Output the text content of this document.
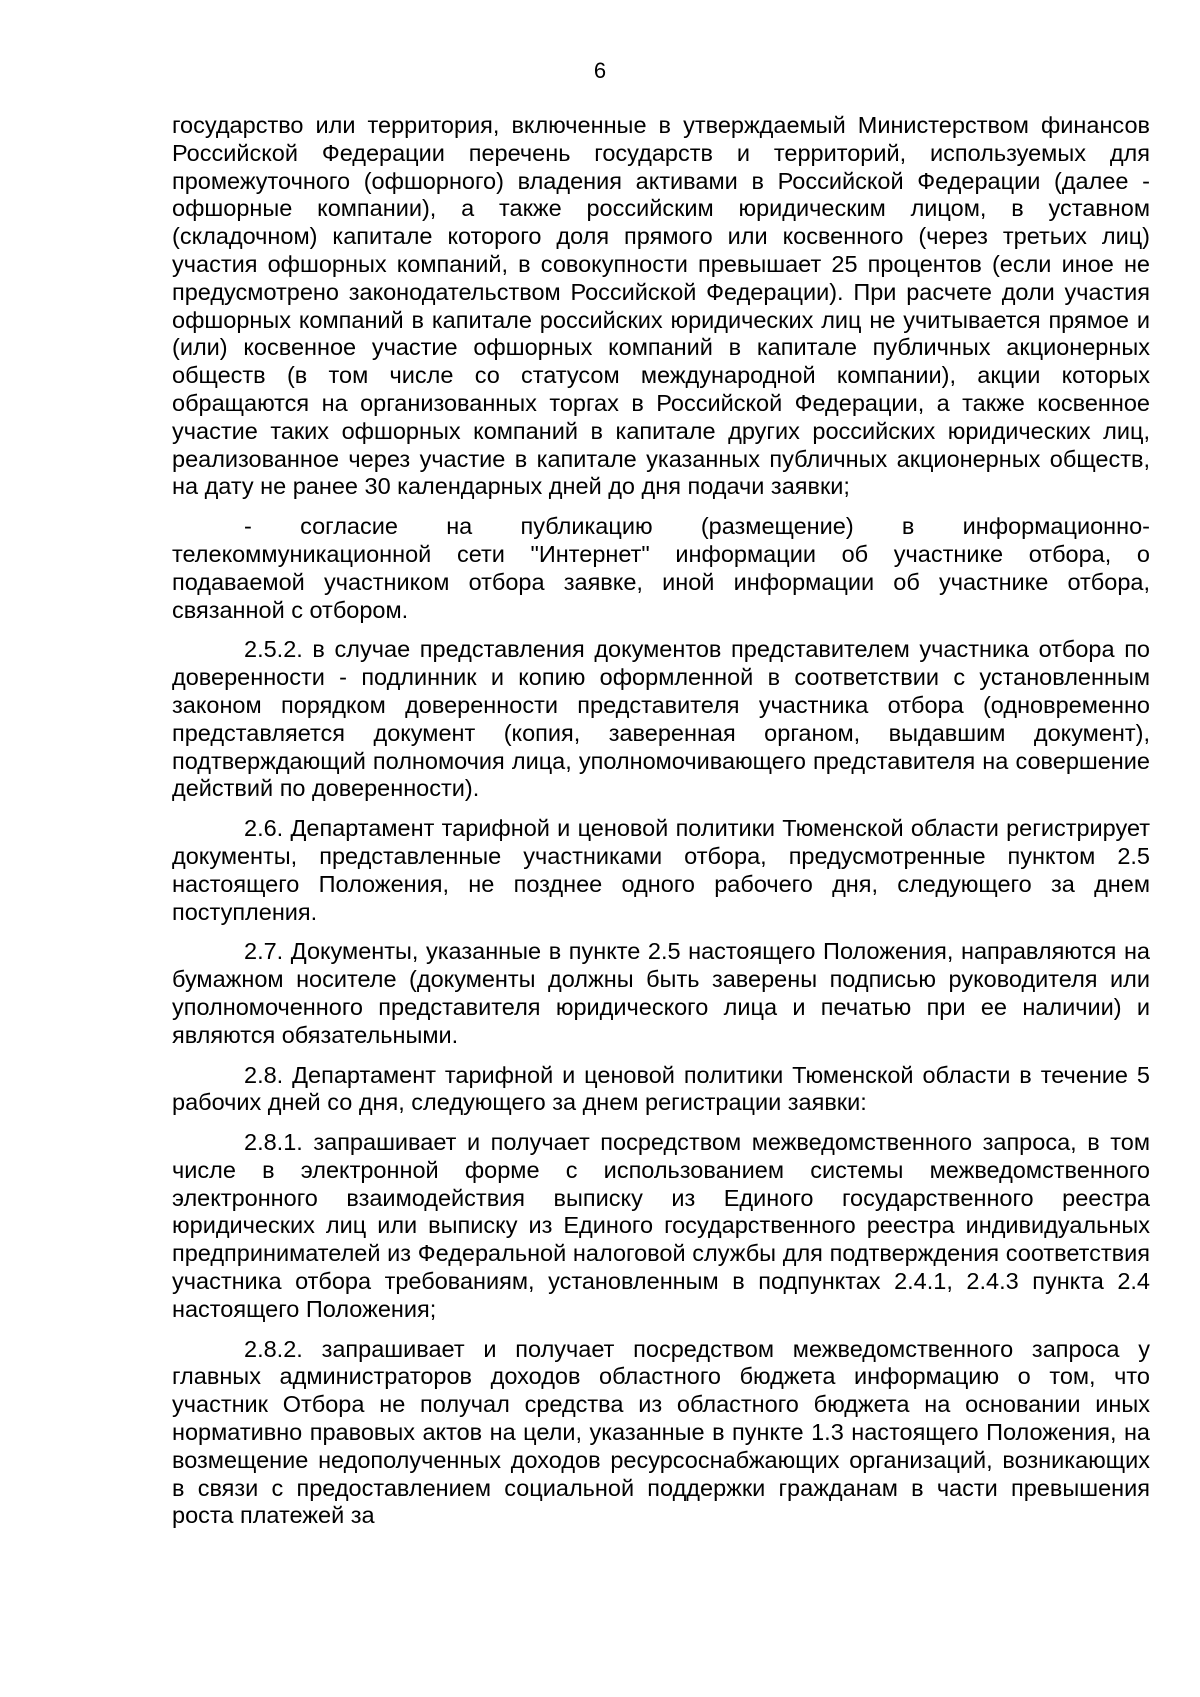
6

государство или территория, включенные в утверждаемый Министерством финансов Российской Федерации перечень государств и территорий, используемых для промежуточного (офшорного) владения активами в Российской Федерации (далее - офшорные компании), а также российским юридическим лицом, в уставном (складочном) капитале которого доля прямого или косвенного (через третьих лиц) участия офшорных компаний, в совокупности превышает 25 процентов (если иное не предусмотрено законодательством Российской Федерации). При расчете доли участия офшорных компаний в капитале российских юридических лиц не учитывается прямое и (или) косвенное участие офшорных компаний в капитале публичных акционерных обществ (в том числе со статусом международной компании), акции которых обращаются на организованных торгах в Российской Федерации, а также косвенное участие таких офшорных компаний в капитале других российских юридических лиц, реализованное через участие в капитале указанных публичных акционерных обществ, на дату не ранее 30 календарных дней до дня подачи заявки;

- согласие на публикацию (размещение) в информационно-телекоммуникационной сети "Интернет" информации об участнике отбора, о подаваемой участником отбора заявке, иной информации об участнике отбора, связанной с отбором.

2.5.2. в случае представления документов представителем участника отбора по доверенности - подлинник и копию оформленной в соответствии с установленным законом порядком доверенности представителя участника отбора (одновременно представляется документ (копия, заверенная органом, выдавшим документ), подтверждающий полномочия лица, уполномочивающего представителя на совершение действий по доверенности).

2.6. Департамент тарифной и ценовой политики Тюменской области регистрирует документы, представленные участниками отбора, предусмотренные пунктом 2.5 настоящего Положения, не позднее одного рабочего дня, следующего за днем поступления.

2.7. Документы, указанные в пункте 2.5 настоящего Положения, направляются на бумажном носителе (документы должны быть заверены подписью руководителя или уполномоченного представителя юридического лица и печатью при ее наличии) и являются обязательными.

2.8. Департамент тарифной и ценовой политики Тюменской области в течение 5 рабочих дней со дня, следующего за днем регистрации заявки:

2.8.1. запрашивает и получает посредством межведомственного запроса, в том числе в электронной форме с использованием системы межведомственного электронного взаимодействия выписку из Единого государственного реестра юридических лиц или выписку из Единого государственного реестра индивидуальных предпринимателей из Федеральной налоговой службы для подтверждения соответствия участника отбора требованиям, установленным в подпунктах 2.4.1, 2.4.3 пункта 2.4 настоящего Положения;

2.8.2. запрашивает и получает посредством межведомственного запроса у главных администраторов доходов областного бюджета информацию о том, что участник Отбора не получал средства из областного бюджета на основании иных нормативно правовых актов на цели, указанные в пункте 1.3 настоящего Положения, на возмещение недополученных доходов ресурсоснабжающих организаций, возникающих в связи с предоставлением социальной поддержки гражданам в части превышения роста платежей за
